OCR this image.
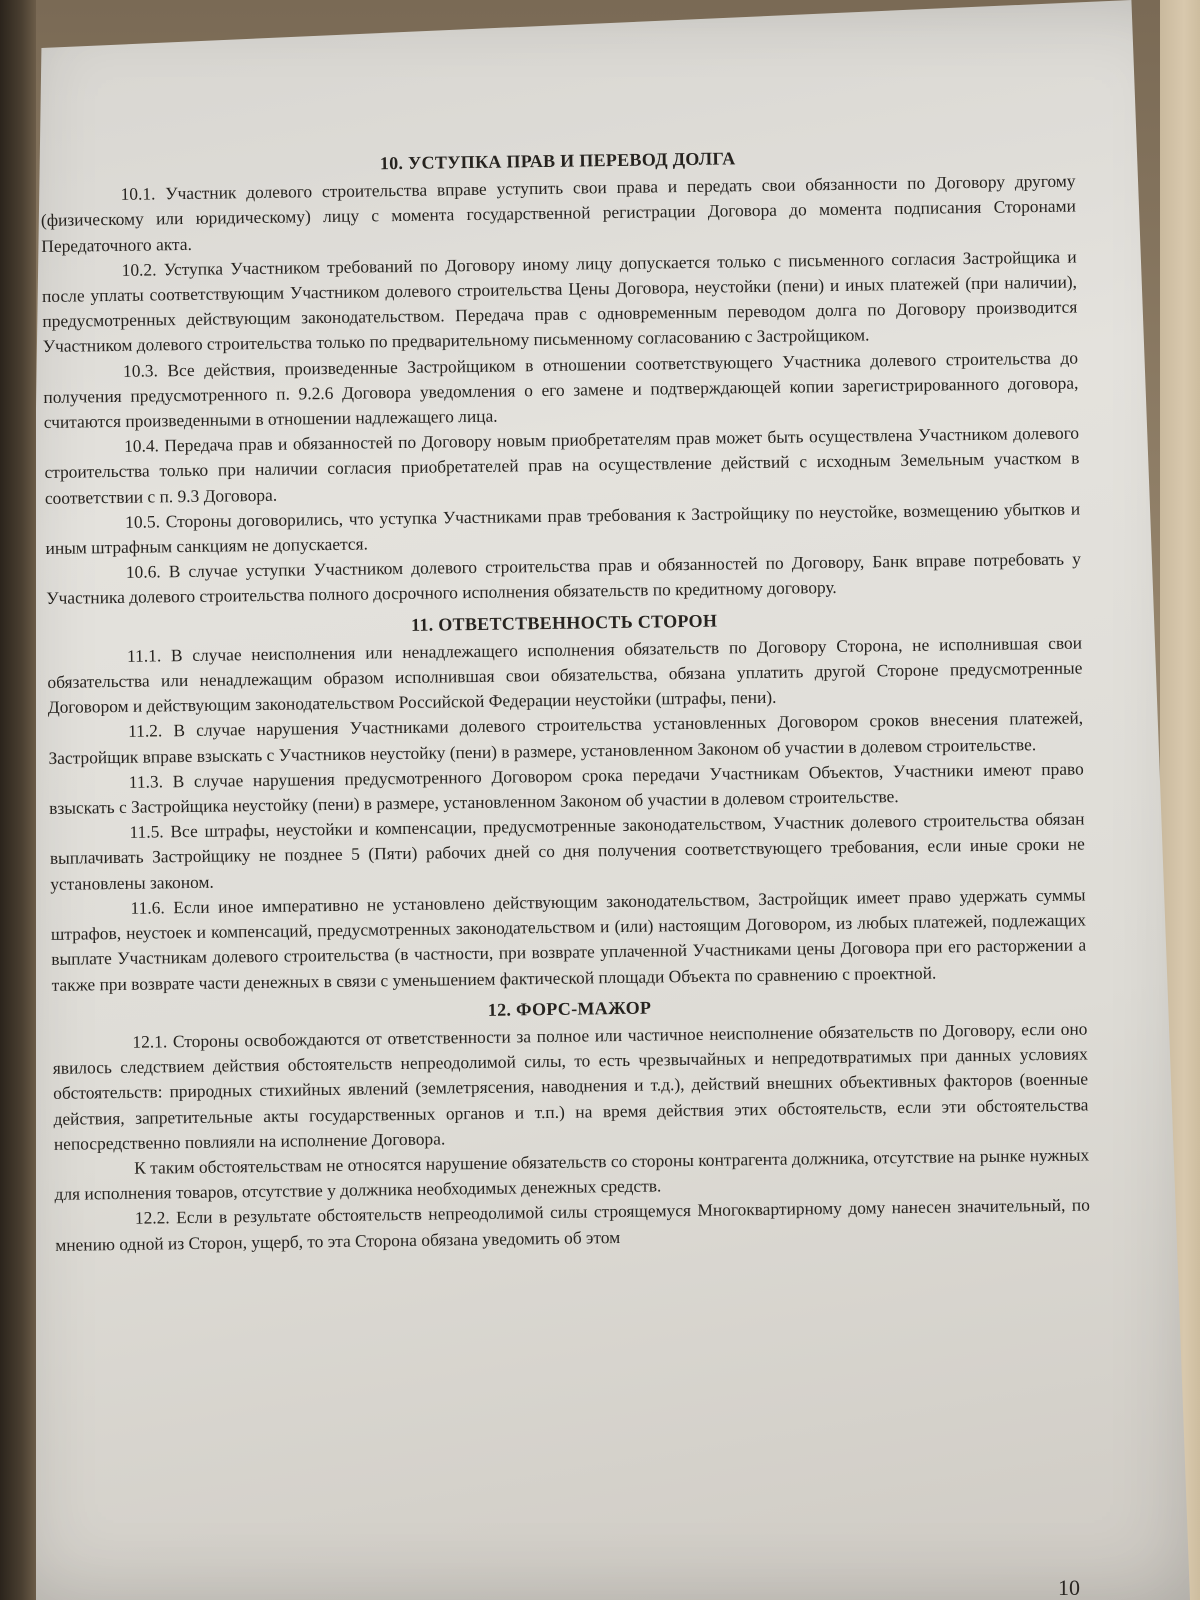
10. УСТУПКА ПРАВ И ПЕРЕВОД ДОЛГА

10.1. Участник долевого строительства вправе уступить свои права и передать свои обязанности по Договору другому (физическому или юридическому) лицу с момента государственной регистрации Договора до момента подписания Сторонами Передаточного акта.

10.2. Уступка Участником требований по Договору иному лицу допускается только с письменного согласия Застройщика и после уплаты соответствующим Участником долевого строительства Цены Договора, неустойки (пени) и иных платежей (при наличии), предусмотренных действующим законодательством. Передача прав с одновременным переводом долга по Договору производится Участником долевого строительства только по предварительному письменному согласованию с Застройщиком.

10.3. Все действия, произведенные Застройщиком в отношении соответствующего Участника долевого строительства до получения предусмотренного п. 9.2.6 Договора уведомления о его замене и подтверждающей копии зарегистрированного договора, считаются произведенными в отношении надлежащего лица.

10.4. Передача прав и обязанностей по Договору новым приобретателям прав может быть осуществлена Участником долевого строительства только при наличии согласия приобретателей прав на осуществление действий с исходным Земельным участком в соответствии с п. 9.3 Договора.

10.5. Стороны договорились, что уступка Участниками прав требования к Застройщику по неустойке, возмещению убытков и иным штрафным санкциям не допускается.

10.6. В случае уступки Участником долевого строительства прав и обязанностей по Договору, Банк вправе потребовать у Участника долевого строительства полного досрочного исполнения обязательств по кредитному договору.

11. ОТВЕТСТВЕННОСТЬ СТОРОН

11.1. В случае неисполнения или ненадлежащего исполнения обязательств по Договору Сторона, не исполнившая свои обязательства или ненадлежащим образом исполнившая свои обязательства, обязана уплатить другой Стороне предусмотренные Договором и действующим законодательством Российской Федерации неустойки (штрафы, пени).

11.2. В случае нарушения Участниками долевого строительства установленных Договором сроков внесения платежей, Застройщик вправе взыскать с Участников неустойку (пени) в размере, установленном Законом об участии в долевом строительстве.

11.3. В случае нарушения предусмотренного Договором срока передачи Участникам Объектов, Участники имеют право взыскать с Застройщика неустойку (пени) в размере, установленном Законом об участии в долевом строительстве.

11.5. Все штрафы, неустойки и компенсации, предусмотренные законодательством, Участник долевого строительства обязан выплачивать Застройщику не позднее 5 (Пяти) рабочих дней со дня получения соответствующего требования, если иные сроки не установлены законом.

11.6. Если иное императивно не установлено действующим законодательством, Застройщик имеет право удержать суммы штрафов, неустоек и компенсаций, предусмотренных законодательством и (или) настоящим Договором, из любых платежей, подлежащих выплате Участникам долевого строительства (в частности, при возврате уплаченной Участниками цены Договора при его расторжении а также при возврате части денежных в связи с уменьшением фактической площади Объекта по сравнению с проектной.

12. ФОРС-МАЖОР

12.1. Стороны освобождаются от ответственности за полное или частичное неисполнение обязательств по Договору, если оно явилось следствием действия обстоятельств непреодолимой силы, то есть чрезвычайных и непредотвратимых при данных условиях обстоятельств: природных стихийных явлений (землетрясения, наводнения и т.д.), действий внешних объективных факторов (военные действия, запретительные акты государственных органов и т.п.) на время действия этих обстоятельств, если эти обстоятельства непосредственно повлияли на исполнение Договора.

К таким обстоятельствам не относятся нарушение обязательств со стороны контрагента должника, отсутствие на рынке нужных для исполнения товаров, отсутствие у должника необходимых денежных средств.

12.2. Если в результате обстоятельств непреодолимой силы строящемуся Многоквартирному дому нанесен значительный, по мнению одной из Сторон, ущерб, то эта Сторона обязана уведомить об этом

10
